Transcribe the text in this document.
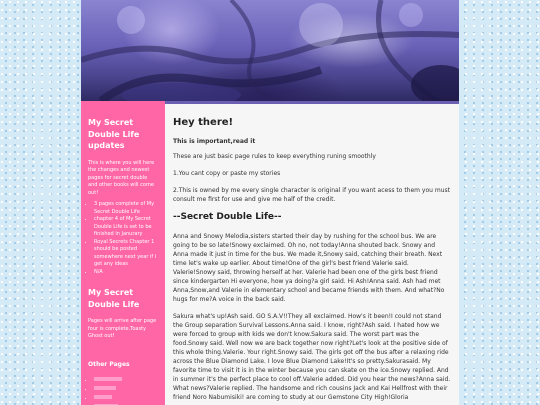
My Secret Double Life updates
This is where you will here the changes and newest pages for secret double and other books will come out!
• 3 pages complete of My Secret Double Life
• chapter 4 of My Secret Double Life is set to be finished in Janurary
• Royal Secrets Chapter 1 should be posted somewhere next year if i get any ideas
• N/A
My Secret Double Life
Pages will arrive after page four is complete,Toasty Ghost out!
Other Pages
•
•
•
•
Hey there!
This is important,read it

These are just basic page rules to keep everything runing smoothly

1.You cant copy or paste my stories

2.This is owned by me every single character is original if you want acess to them you must consult me first for use and give me half of the credit.

--Secret Double Life--

Anna and Snowy Melodia,sisters started their day by rushing for the school bus. We are going to be so late!Snowy exclaimed. Oh no, not today!Anna shouted back. Snowy and Anna made it just in time for the bus. We made it,Snowy said, catching their breath. Next time let's wake up earlier. About time!One of the girl's best friend Valerie said. Valerie!Snowy said, throwing herself at her. Valerie had been one of the girls best friend since kindergarten Hi everyone, how ya doing?a girl said. Hi Ash!Anna said. Ash had met Anna,Snow,and Valerie in elementary school and became friends with them. And what?No hugs for me?A voice in the back said.

Sakura what's up!Ash said. GO S.A.V!!They all exclaimed. How's it been!I could not stand the Group separation Survival Lessons.Anna said. I know, right?Ash said. I hated how we were forced to group with kids we don't know.Sakura said. The worst part was the food.Snowy said. Well now we are back together now right?Let's look at the positive side of this whole thing.Valerie. Your right.Snowy said. The girls got off the bus after a relaxing ride across the Blue Diamond Lake. I love Blue Diamond Lake!It's so pretty.Sakurasaid. My favorite time to visit it is in the winter because you can skate on the ice.Snowy replied. And in summer it's the perfect place to cool off.Valerie added. Did you hear the news?Anna said. What news?Valerie replied. The handsome and rich cousins Jack and Kai Hellfrost with their friend Noro Nabumisiki! are coming to study at our Gemstone City High!Gloria
